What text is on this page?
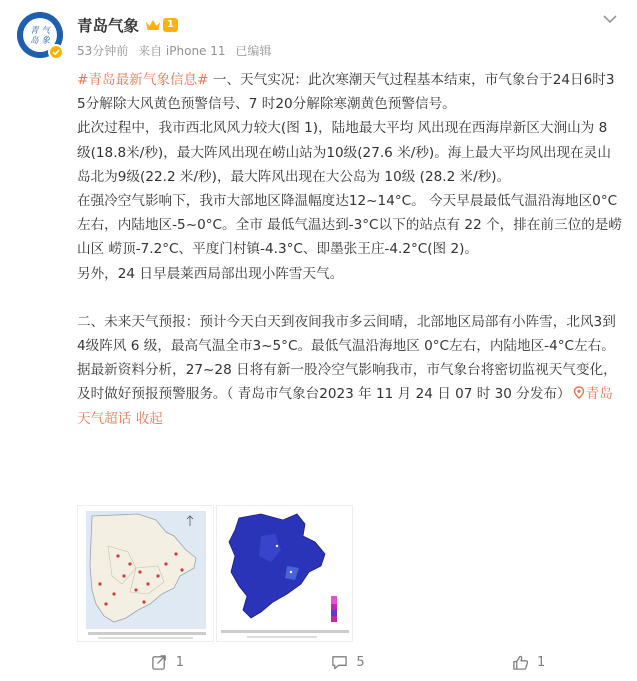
青 气
岛 象
青岛气象	1
53分钟前 来自 iPhone 11 已编辑

#青岛最新气象信息# 一、天气实况：此次寒潮天气过程基本结束，市气象台于24日6时35分解除大风黄色预警信号、7 时20分解除寒潮黄色预警信号。

此次过程中，我市西北风风力较大(图 1)，陆地最大平均 风出现在西海岸新区大涧山为 8 级(18.8米/秒)，最大阵风出现在崂山站为10级(27.6 米/秒)。海上最大平均风出现在灵山岛北为9级(22.2 米/秒)，最大阵风出现在大公岛为 10级 (28.2 米/秒)。

在强冷空气影响下，我市大部地区降温幅度达12~14°C。 今天早晨最低气温沿海地区0°C左右，内陆地区-5~0°C。全市 最低气温达到-3°C以下的站点有 22 个，排在前三位的是崂山区 崂顶-7.2°C、平度门村镇-4.3°C、即墨张王庄-4.2°C(图 2)。

另外，24 日早晨莱西局部出现小阵雪天气。

二、未来天气预报：预计今天白天到夜间我市多云间晴，北部地区局部有小阵雪，北风3到4级阵风 6 级，最高气温全市3~5°C。最低气温沿海地区 0°C左右，内陆地区-4°C左右。

据最新资料分析，27~28 日将有新一股冷空气影响我市，市气象台将密切监视天气变化，及时做好预报预警服务。（ 青岛市气象台2023 年 11 月 24 日 07 时 30 分发布） 青岛天气超话 收起

1	5	1
